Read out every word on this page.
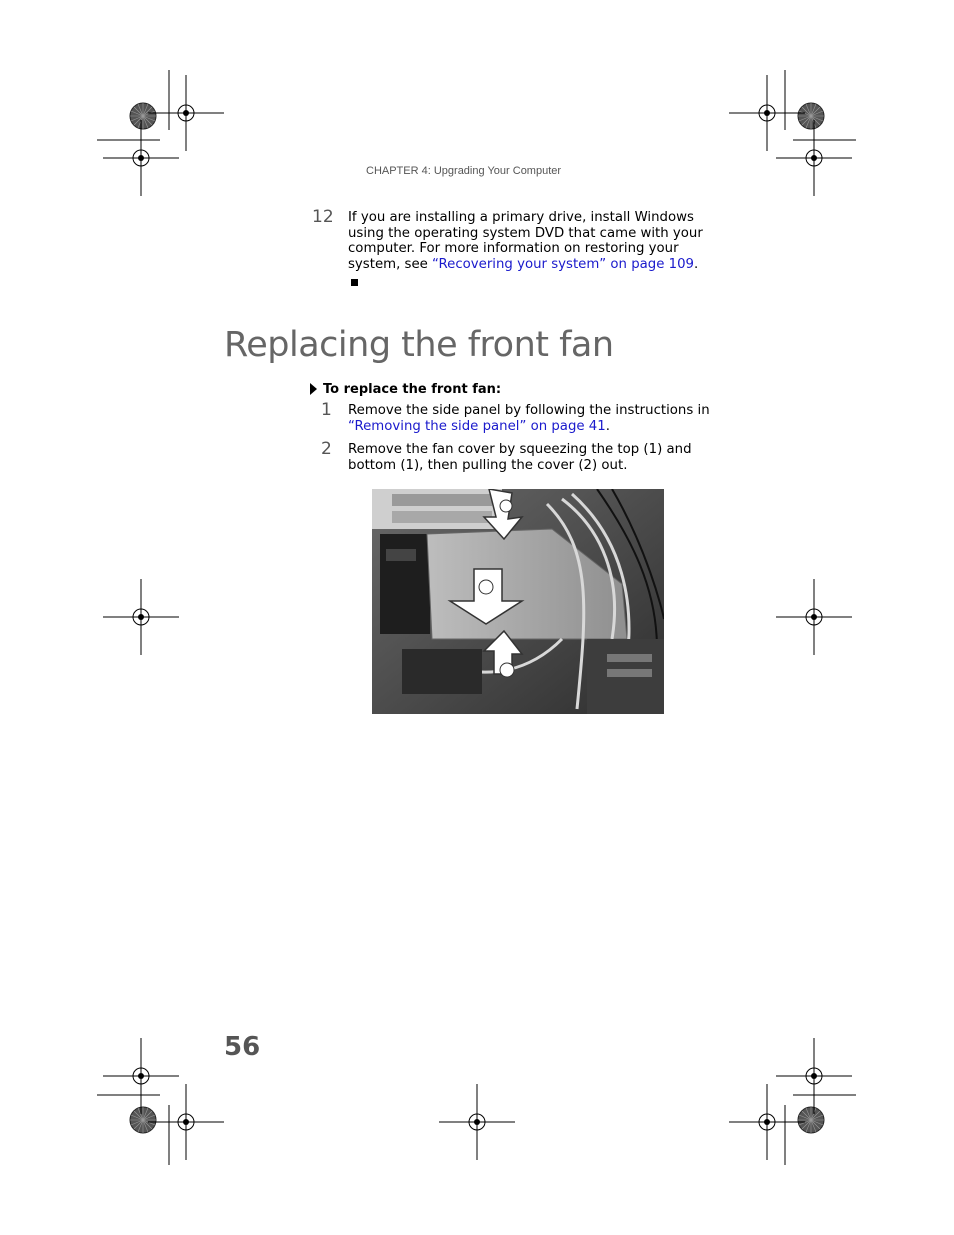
CHAPTER 4: Upgrading Your Computer
12 If you are installing a primary drive, install Windows
using the operating system DVD that came with your
computer. For more information on restoring your
system, see “Recovering your system” on page 109.
Replacing the front fan
To replace the front fan:
1 Remove the side panel by following the instructions in
“Removing the side panel” on page 41.
2 Remove the fan cover by squeezing the top (1) and
bottom (1), then pulling the cover (2) out.
56
